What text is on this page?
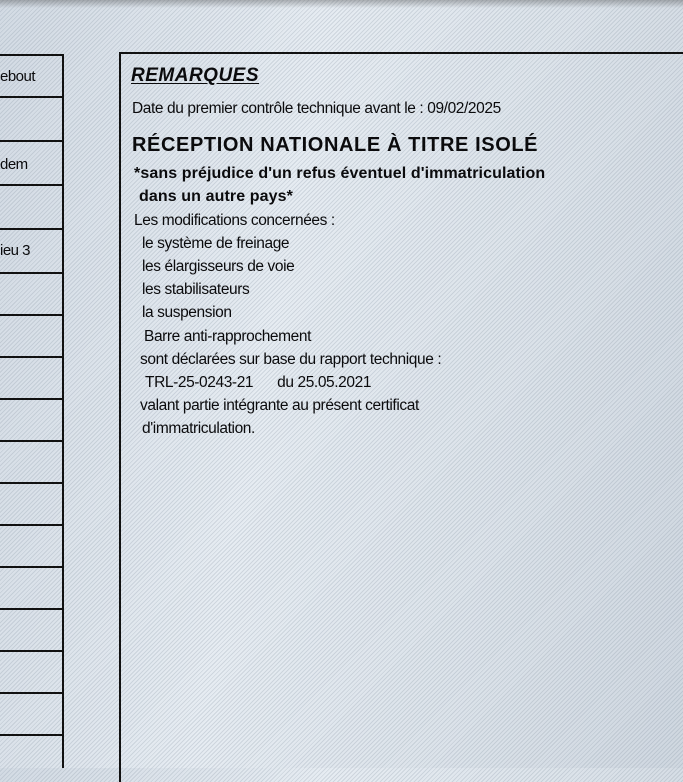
ebout
dem
ieu 3
REMARQUES
Date du premier contrôle technique avant le : 09/02/2025
RÉCEPTION NATIONALE À TITRE ISOLÉ
*sans préjudice d'un refus éventuel d'immatriculation
dans un autre pays*
Les modifications concernées :
le système de freinage
les élargisseurs de voie
les stabilisateurs
la suspension
Barre anti-rapprochement
sont déclarées sur base du rapport technique :
TRL-25-0243-21 du 25.05.2021
valant partie intégrante au présent certificat
d'immatriculation.
